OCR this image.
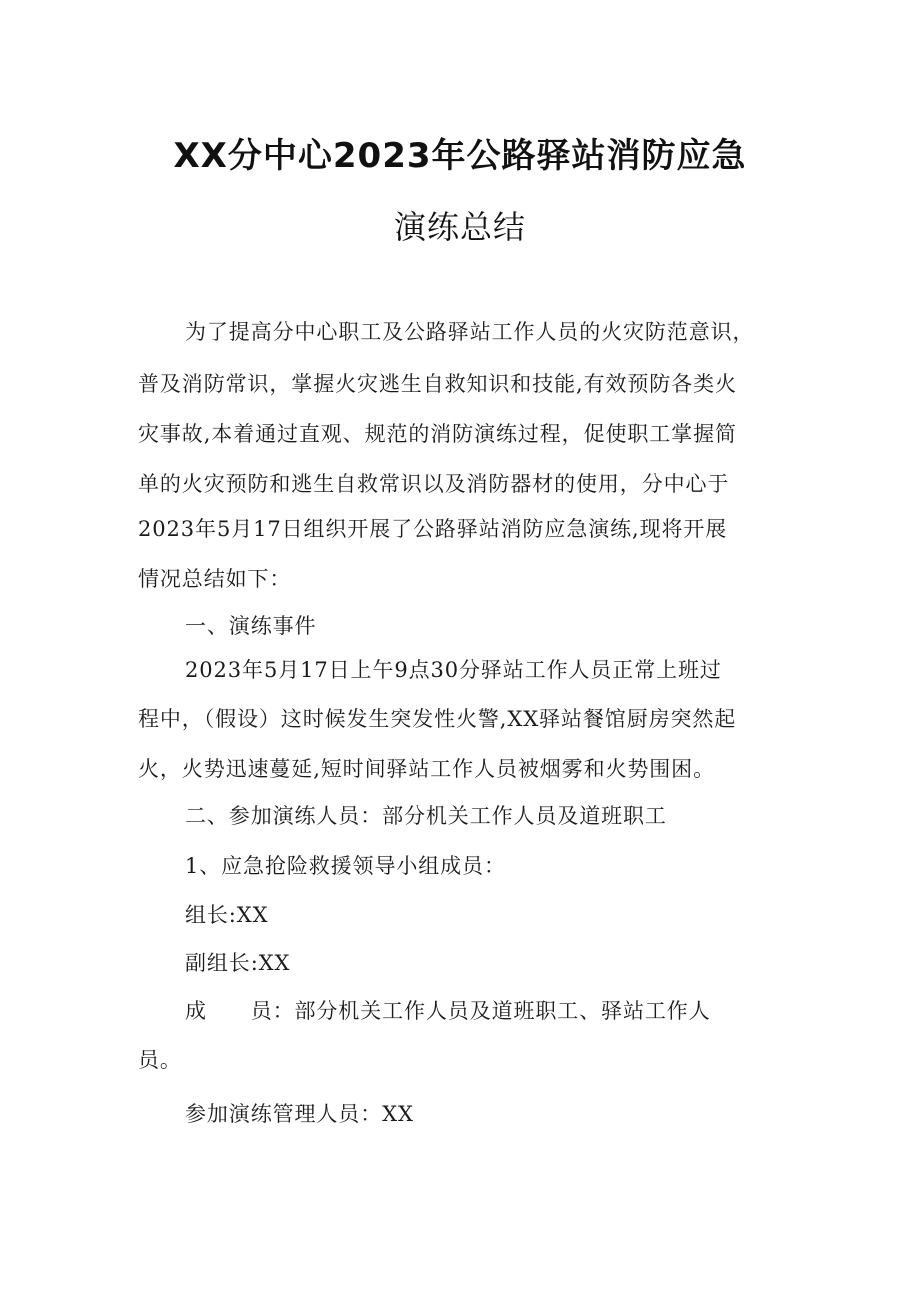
XX分中心2023年公路驿站消防应急
演练总结
为了提高分中心职工及公路驿站工作人员的火灾防范意识，
普及消防常识，掌握火灾逃生自救知识和技能,有效预防各类火
灾事故,本着通过直观、规范的消防演练过程，促使职工掌握简
单的火灾预防和逃生自救常识以及消防器材的使用，分中心于
2023年5月17日组织开展了公路驿站消防应急演练,现将开展
情况总结如下：
一、演练事件
2023年5月17日上午9点30分驿站工作人员正常上班过
程中，（假设）这时候发生突发性火警,XX驿站餐馆厨房突然起
火，火势迅速蔓延,短时间驿站工作人员被烟雾和火势围困。
二、参加演练人员：部分机关工作人员及道班职工
1、应急抢险救援领导小组成员：
组长:XX
副组长:XX
成　　员：部分机关工作人员及道班职工、驿站工作人
员。
参加演练管理人员：XX
